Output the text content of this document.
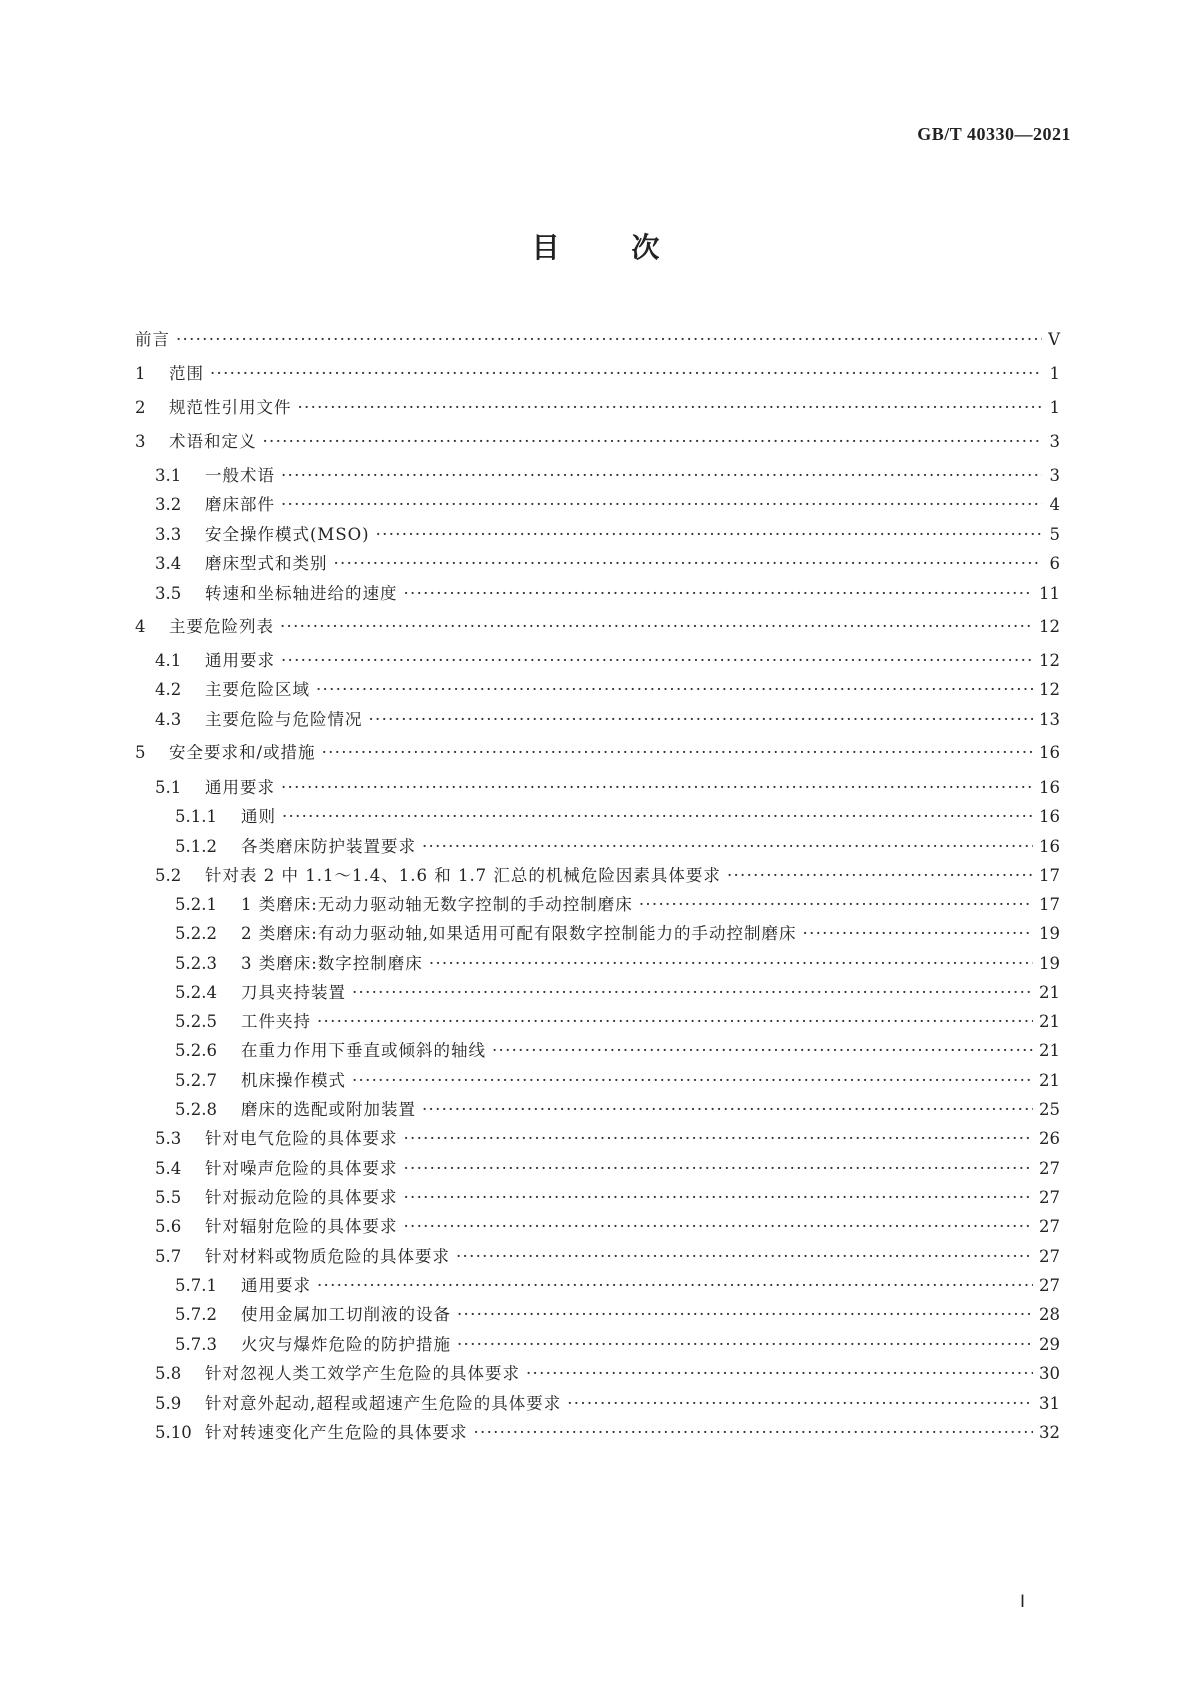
GB/T 40330—2021
目 次
前言 ·····	Ⅴ
1	范围 ·····	1
2	规范性引用文件 ·····	1
3	术语和定义 ·····	3
3.1	一般术语 ·····	3
3.2	磨床部件 ·····	4
3.3	安全操作模式(MSO) ·····	5
3.4	磨床型式和类别 ·····	6
3.5	转速和坐标轴进给的速度 ·····	11
4	主要危险列表 ·····	12
4.1	通用要求 ·····	12
4.2	主要危险区域 ·····	12
4.3	主要危险与危险情况 ·····	13
5	安全要求和/或措施 ·····	16
5.1	通用要求 ·····	16
5.1.1	通则 ·····	16
5.1.2	各类磨床防护装置要求 ·····	16
5.2	针对表 2 中 1.1～1.4、1.6 和 1.7 汇总的机械危险因素具体要求 ·····	17
5.2.1	1 类磨床:无动力驱动轴无数字控制的手动控制磨床 ·····	17
5.2.2	2 类磨床:有动力驱动轴,如果适用可配有限数字控制能力的手动控制磨床 ·····	19
5.2.3	3 类磨床:数字控制磨床 ·····	19
5.2.4	刀具夹持装置 ·····	21
5.2.5	工件夹持 ·····	21
5.2.6	在重力作用下垂直或倾斜的轴线 ·····	21
5.2.7	机床操作模式 ·····	21
5.2.8	磨床的选配或附加装置 ·····	25
5.3	针对电气危险的具体要求 ·····	26
5.4	针对噪声危险的具体要求 ·····	27
5.5	针对振动危险的具体要求 ·····	27
5.6	针对辐射危险的具体要求 ·····	27
5.7	针对材料或物质危险的具体要求 ·····	27
5.7.1	通用要求 ·····	27
5.7.2	使用金属加工切削液的设备 ·····	28
5.7.3	火灾与爆炸危险的防护措施 ·····	29
5.8	针对忽视人类工效学产生危险的具体要求 ·····	30
5.9	针对意外起动,超程或超速产生危险的具体要求 ·····	31
5.10 针对转速变化产生危险的具体要求 ·····	32
Ⅰ
